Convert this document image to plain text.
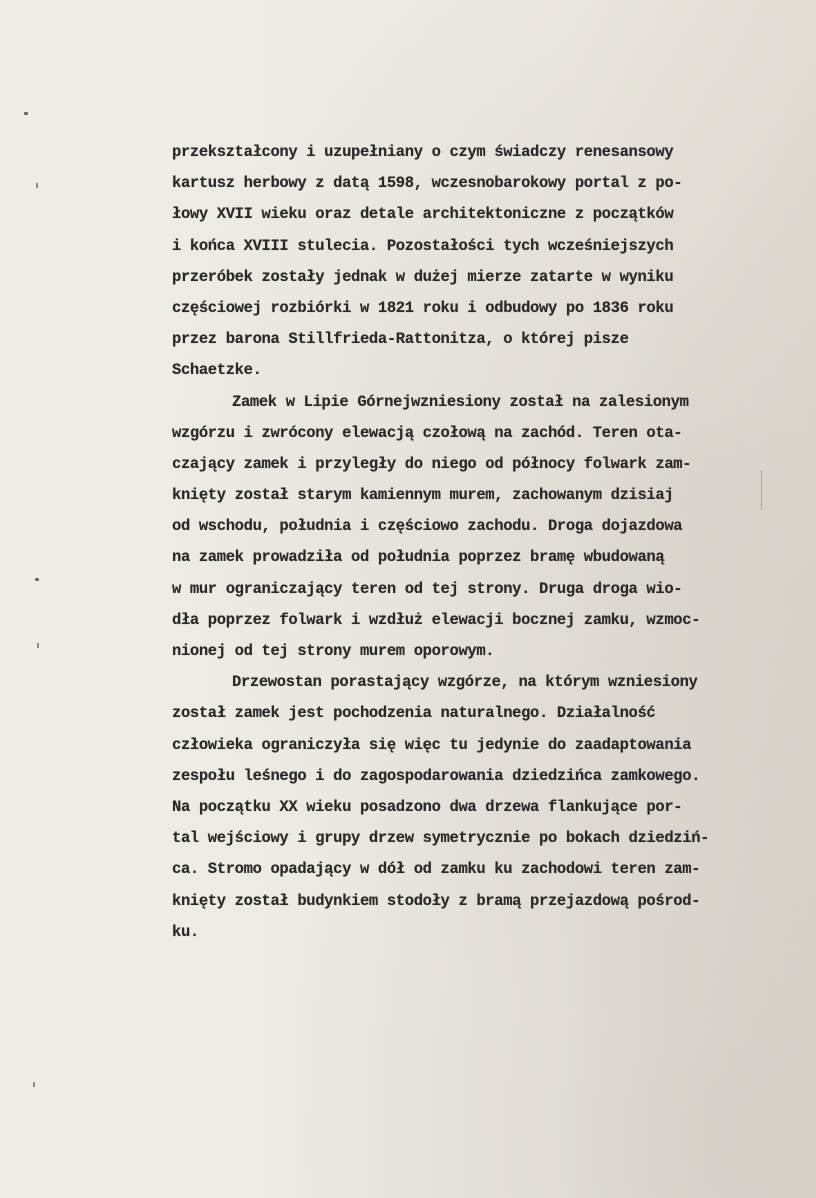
przekształcony i uzupełniany o czym świadczy renesansowy
kartusz herbowy z datą 1598, wczesnobarokowy portal z po-
łowy XVII wieku oraz detale architektoniczne z początków
i końca XVIII stulecia. Pozostałości tych wcześniejszych
przeróbek zostały jednak w dużej mierze zatarte w wyniku
częściowej rozbiórki w 1821 roku i odbudowy po 1836 roku
przez barona Stillfrieda-Rattonitza, o której pisze
Schaetzke.
Zamek w Lipie Górnejwzniesiony został na zalesionym
wzgórzu i zwrócony elewacją czołową na zachód. Teren ota-
czający zamek i przyległy do niego od północy folwark zam-
knięty został starym kamiennym murem, zachowanym dzisiaj
od wschodu, południa i częściowo zachodu. Droga dojazdowa
na zamek prowadziła od południa poprzez bramę wbudowaną
w mur ograniczający teren od tej strony. Druga droga wio-
dła poprzez folwark i wzdłuż elewacji bocznej zamku, wzmoc-
nionej od tej strony murem oporowym.
Drzewostan porastający wzgórze, na którym wzniesiony
został zamek jest pochodzenia naturalnego. Działalność
człowieka ograniczyła się więc tu jedynie do zaadaptowania
zespołu leśnego i do zagospodarowania dziedzińca zamkowego.
Na początku XX wieku posadzono dwa drzewa flankujące por-
tal wejściowy i grupy drzew symetrycznie po bokach dziedziń-
ca. Stromo opadający w dół od zamku ku zachodowi teren zam-
knięty został budynkiem stodoły z bramą przejazdową pośrod-
ku.
